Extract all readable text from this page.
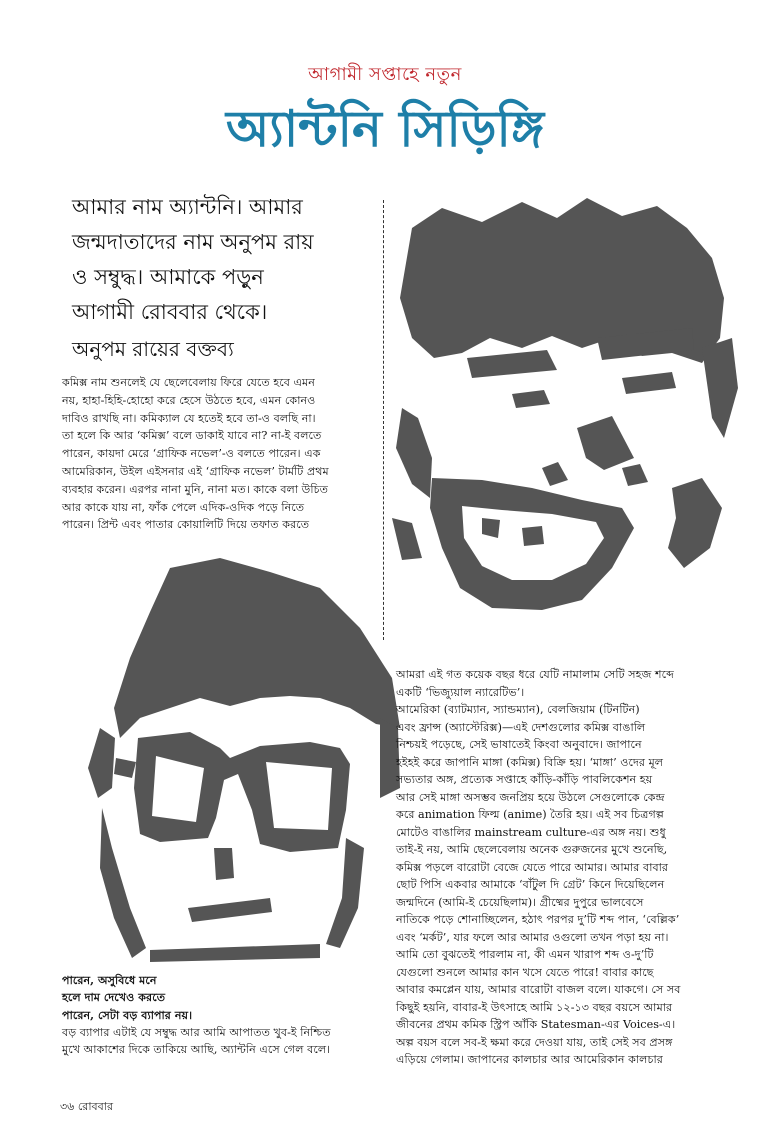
আগামী সপ্তাহে নতুন
অ্যান্টনি সিড়িঙ্গি

আমার নাম অ্যান্টনি। আমার

জন্মদাতাদের নাম অনুপম রায়

ও সম্বুদ্ধ। আমাকে পড়ুন

আগামী রোববার থেকে।

অনুপম রায়ের বক্তব্য

কমিক্স নাম শুনলেই যে ছেলেবেলায় ফিরে যেতে হবে এমন

নয়, হাহা-হিহি-হোহো করে হেসে উঠতে হবে, এমন কোনও

দাবিও রাখছি না। কমিক্যাল যে হতেই হবে তা-ও বলছি না।

তা হলে কি আর ‘কমিক্স’ বলে ডাকাই যাবে না? না-ই বলতে

পারেন, কায়দা মেরে ‘গ্রাফিক নভেল’-ও বলতে পারেন। এক

আমেরিকান, উইল এইসনার এই ‘গ্রাফিক নভেল’ টার্মটি প্রথম

ব্যবহার করেন। এরপর নানা মুনি, নানা মত। কাকে বলা উচিত

আর কাকে যায় না, ফাঁক পেলে এদিক-ওদিক পড়ে নিতে

পারেন। প্রিন্ট এবং পাতার কোয়ালিটি দিয়ে তফাত করতে

পারেন, অসুবিধে মনে

হলে দাম দেখেও করতে

পারেন, সেটা বড় ব্যাপার নয়।

বড় ব্যাপার এটাই যে সম্বুদ্ধ আর আমি আপাতত খুব-ই নিশ্চিত

মুখে আকাশের দিকে তাকিয়ে আছি, অ্যান্টনি এসে গেল বলে।

আমরা এই গত কয়েক বছর ধরে যেটি নামালাম সেটি সহজ শব্দে

একটি ‘ভিজ্যুয়াল ন্যারেটিভ’।

আমেরিকা (ব্যাটম্যান, স্যান্ডম্যান), বেলজিয়াম (টিনটিন)

এবং ফ্রান্স (অ্যাস্টেরিক্স)—এই দেশগুলোর কমিক্স বাঙালি

নিশ্চয়ই পড়েছে, সেই ভাষাতেই কিংবা অনুবাদে। জাপানে

হইহই করে জাপানি মাঙ্গা (কমিক্স) বিক্রি হয়। ‘মাঙ্গা’ ওদের মূল

সভ্যতার অঙ্গ, প্রত্যেক সপ্তাহে কাঁড়ি-কাঁড়ি পাবলিকেশন হয়

আর সেই মাঙ্গা অসম্ভব জনপ্রিয় হয়ে উঠলে সেগুলোকে কেন্দ্র

করে animation ফিল্ম (anime) তৈরি হয়। এই সব চিত্রগল্প

মোটেও বাঙালির mainstream culture-এর অঙ্গ নয়। শুধু

তাই-ই নয়, আমি ছেলেবেলায় অনেক গুরুজনের মুখে শুনেছি,

কমিক্স পড়লে বারোটা বেজে যেতে পারে আমার। আমার বাবার

ছোট পিসি একবার আমাকে ‘বাঁটুল দি গ্রেট’ কিনে দিয়েছিলেন

জন্মদিনে (আমি-ই চেয়েছিলাম)। গ্রীষ্মের দুপুরে ভালবেসে

নাতিকে পড়ে শোনাচ্ছিলেন, হঠাৎ পরপর দু’টি শব্দ পান, ‘বেল্লিক’

এবং ‘মর্কট’, যার ফলে আর আমার ওগুলো তখন পড়া হয় না।

আমি তো বুঝতেই পারলাম না, কী এমন খারাপ শব্দ ও-দু’টি

যেগুলো শুনলে আমার কান খসে যেতে পারে! বাবার কাছে

আবার কমপ্লেন যায়, আমার বারোটা বাজল বলে। যাকগে। সে সব

কিছুই হয়নি, বাবার-ই উৎসাহে আমি ১২-১৩ বছর বয়সে আমার

জীবনের প্রথম কমিক স্ট্রিপ আঁকি Statesman-এর Voices-এ।

অল্প বয়স বলে সব-ই ক্ষমা করে দেওয়া যায়, তাই সেই সব প্রসঙ্গ

এড়িয়ে গেলাম। জাপানের কালচার আর আমেরিকান কালচার

৩৬ রোববার
